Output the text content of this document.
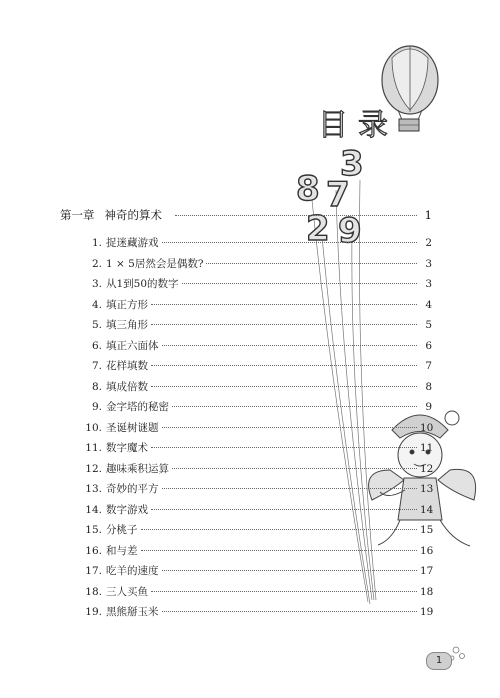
3
8 7
2 9
目录
第一章 神奇的算术	1
1. 捉迷藏游戏	2
2. 1 × 5居然会是偶数?	3
3. 从1到50的数字	3
4. 填正方形	4
5. 填三角形	5
6. 填正六面体	6
7. 花样填数	7
8. 填成倍数	8
9. 金字塔的秘密	9
10. 圣诞树谜题	10
11. 数字魔术	11
12. 趣味乘积运算	12
13. 奇妙的平方	13
14. 数字游戏	14
15. 分桃子	15
16. 和与差	16
17. 吃羊的速度	17
18. 三人买鱼	18
19. 黑熊掰玉米	19
1
